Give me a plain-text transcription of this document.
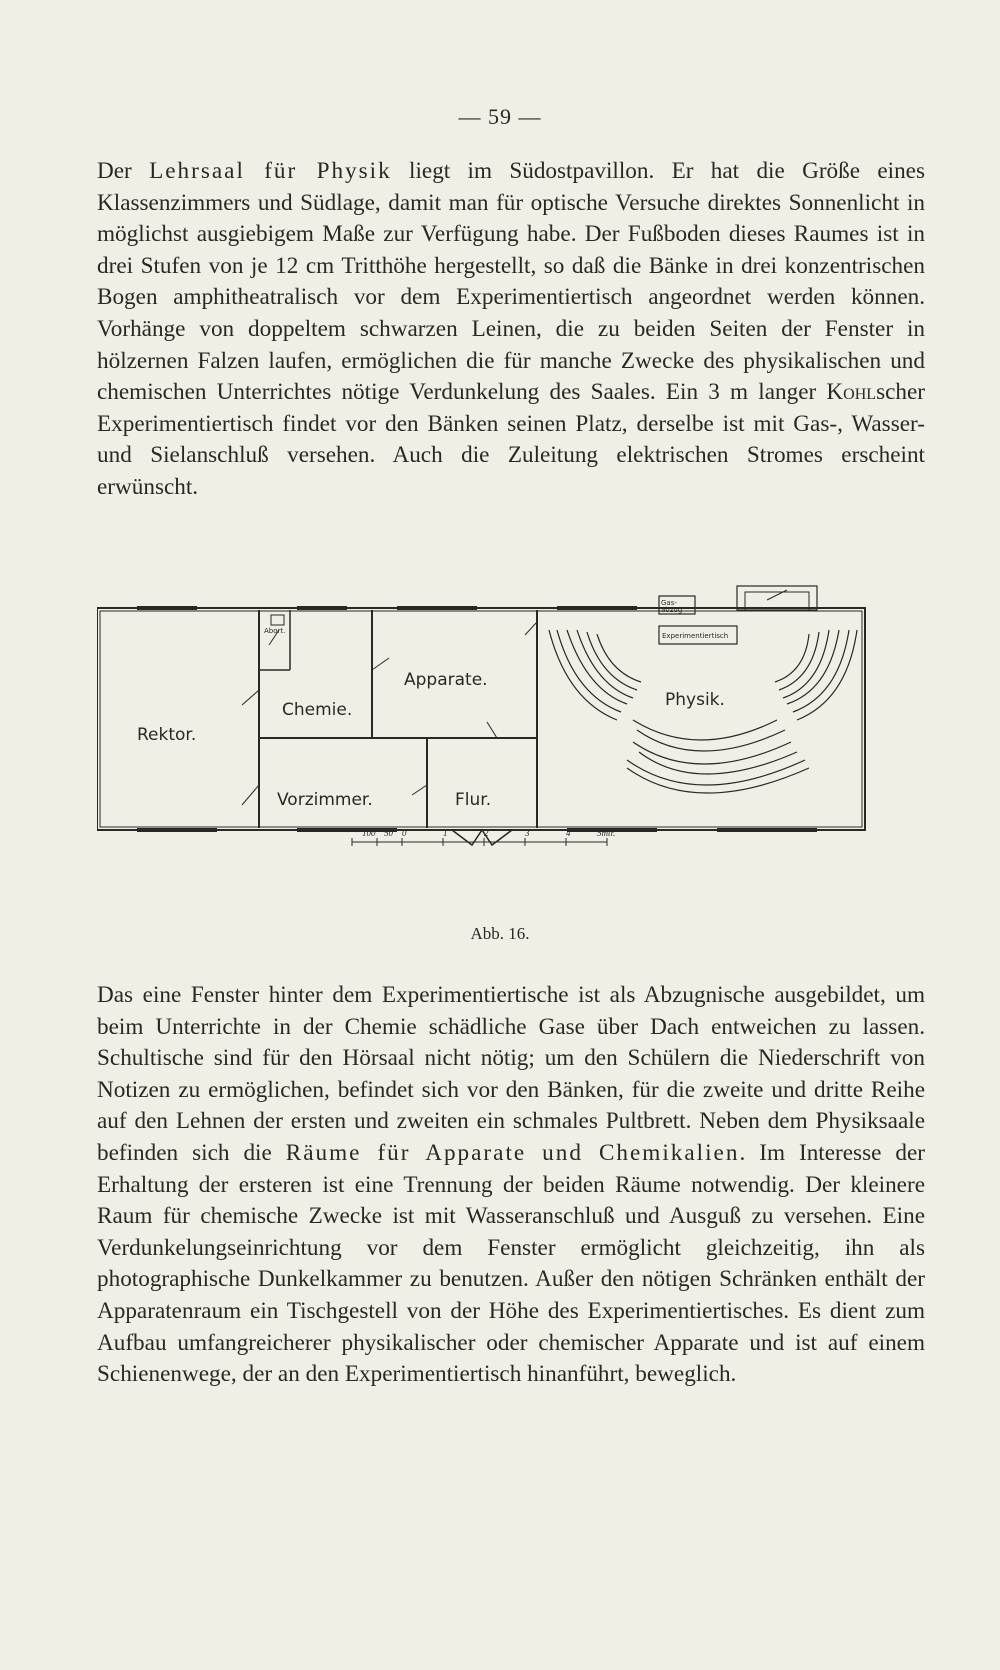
— 59 —

Der Lehrsaal für Physik liegt im Südostpavillon. Er hat die Größe eines Klassenzimmers und Südlage, damit man für optische Versuche direktes Sonnenlicht in möglichst ausgiebigem Maße zur Verfügung habe. Der Fußboden dieses Raumes ist in drei Stufen von je 12 cm Tritthöhe hergestellt, so daß die Bänke in drei konzentrischen Bogen amphitheatralisch vor dem Experimentiertisch angeordnet werden können. Vorhänge von doppeltem schwarzen Leinen, die zu beiden Seiten der Fenster in hölzernen Falzen laufen, ermöglichen die für manche Zwecke des physikalischen und chemischen Unterrichtes nötige Verdunkelung des Saales. Ein 3 m langer Kohlscher Experimentiertisch findet vor den Bänken seinen Platz, derselbe ist mit Gas-, Wasser- und Sielanschluß versehen. Auch die Zuleitung elektrischen Stromes erscheint erwünscht.

Rektor.
Abort.
Chemie.
Apparate.
Vorzimmer.	Flur.
Physik.
Gas-abzug
Experimentiertisch
100 50 0	1	2	3	4	5mtr.
Abb. 16.

Das eine Fenster hinter dem Experimentiertische ist als Abzugnische ausgebildet, um beim Unterrichte in der Chemie schädliche Gase über Dach entweichen zu lassen. Schultische sind für den Hörsaal nicht nötig; um den Schülern die Niederschrift von Notizen zu ermöglichen, befindet sich vor den Bänken, für die zweite und dritte Reihe auf den Lehnen der ersten und zweiten ein schmales Pultbrett. Neben dem Physiksaale befinden sich die Räume für Apparate und Chemikalien. Im Interesse der Erhaltung der ersteren ist eine Trennung der beiden Räume notwendig. Der kleinere Raum für chemische Zwecke ist mit Wasseranschluß und Ausguß zu versehen. Eine Verdunkelungseinrichtung vor dem Fenster ermöglicht gleichzeitig, ihn als photographische Dunkelkammer zu benutzen. Außer den nötigen Schränken enthält der Apparatenraum ein Tischgestell von der Höhe des Experimentiertisches. Es dient zum Aufbau umfangreicherer physikalischer oder chemischer Apparate und ist auf einem Schienenwege, der an den Experimentiertisch hinanführt, beweglich.
